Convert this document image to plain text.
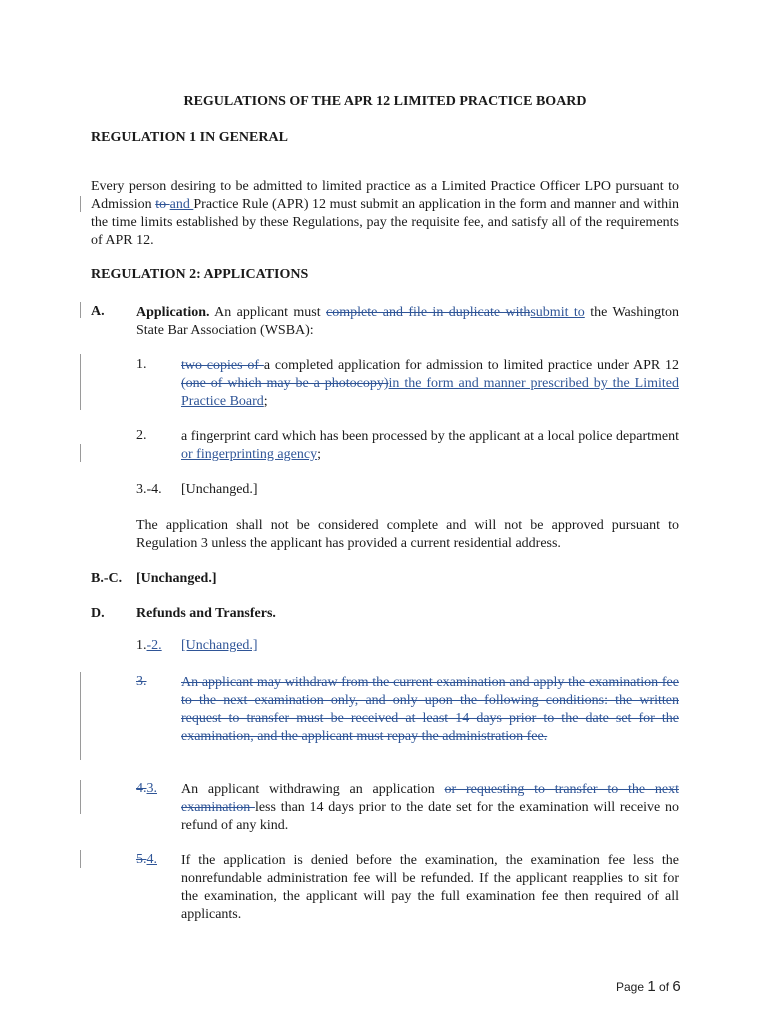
REGULATIONS OF THE APR 12 LIMITED PRACTICE BOARD
REGULATION 1 IN GENERAL
Every person desiring to be admitted to limited practice as a Limited Practice Officer LPO pursuant to Admission to and Practice Rule (APR) 12 must submit an application in the form and manner and within the time limits established by these Regulations, pay the requisite fee, and satisfy all of the requirements of APR 12.
REGULATION 2: APPLICATIONS
A. Application. An applicant must complete and file in duplicate withsubmit to the Washington State Bar Association (WSBA):
1. two copies of a completed application for admission to limited practice under APR 12 (one of which may be a photocopy)in the form and manner prescribed by the Limited Practice Board;
2. a fingerprint card which has been processed by the applicant at a local police department or fingerprinting agency;
3.-4. [Unchanged.]
The application shall not be considered complete and will not be approved pursuant to Regulation 3 unless the applicant has provided a current residential address.
B.-C. [Unchanged.]
D. Refunds and Transfers.
1.-2. [Unchanged.]
3. An applicant may withdraw from the current examination and apply the examination fee to the next examination only, and only upon the following conditions: the written request to transfer must be received at least 14 days prior to the date set for the examination, and the applicant must repay the administration fee.
4.3. An applicant withdrawing an application or requesting to transfer to the next examination less than 14 days prior to the date set for the examination will receive no refund of any kind.
5.4. If the application is denied before the examination, the examination fee less the nonrefundable administration fee will be refunded. If the applicant reapplies to sit for the examination, the applicant will pay the full examination fee then required of all applicants.
Page 1 of 6
